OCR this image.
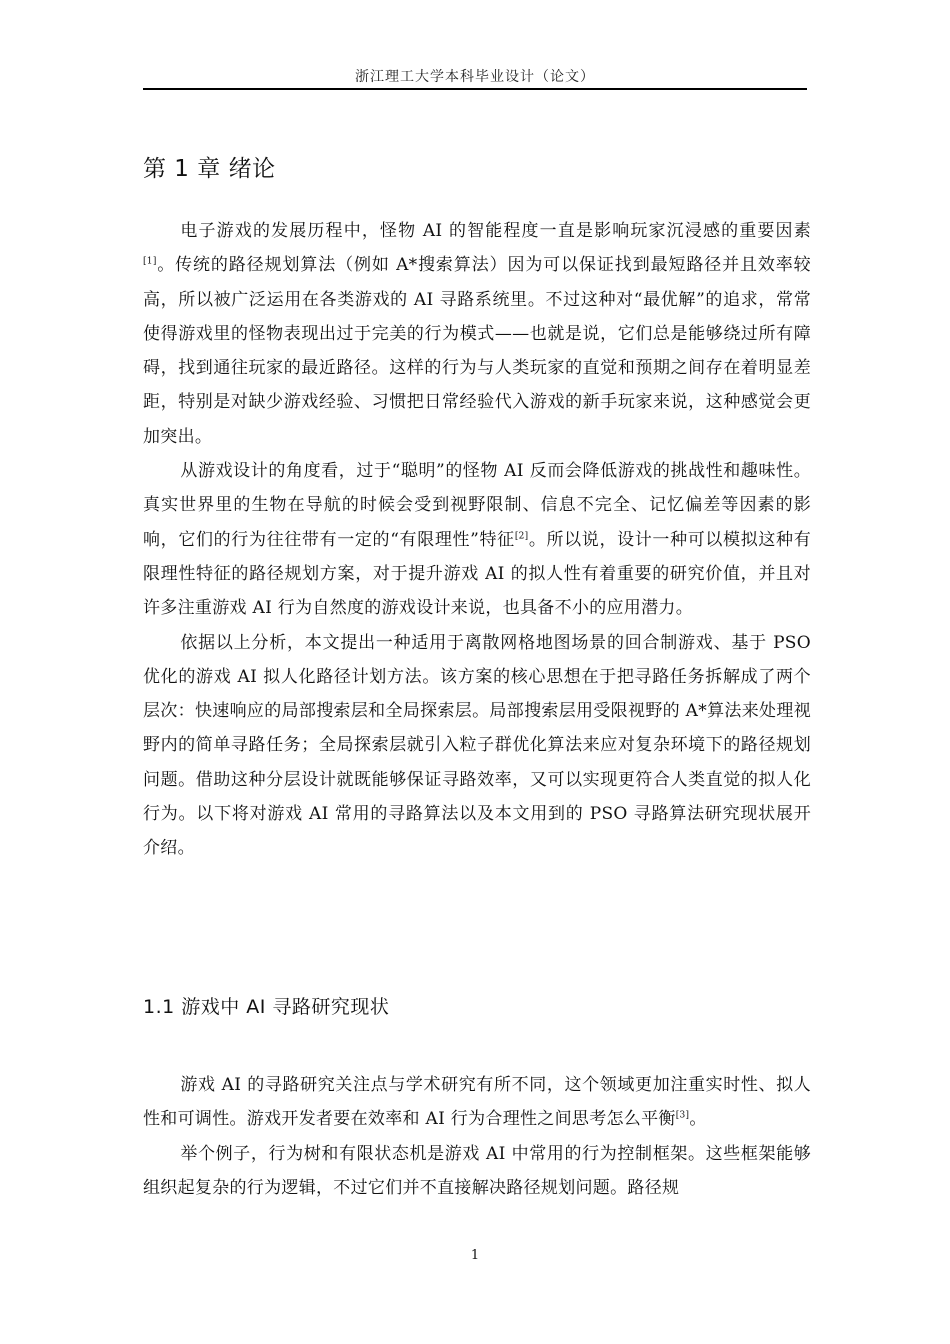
浙江理工大学本科毕业设计（论文）
第 1 章 绪论

电子游戏的发展历程中，怪物 AI 的智能程度一直是影响玩家沉浸感的重要因素[1]。传统的路径规划算法（例如 A*搜索算法）因为可以保证找到最短路径并且效率较高，所以被广泛运用在各类游戏的 AI 寻路系统里。不过这种对“最优解”的追求，常常使得游戏里的怪物表现出过于完美的行为模式——也就是说，它们总是能够绕过所有障碍，找到通往玩家的最近路径。这样的行为与人类玩家的直觉和预期之间存在着明显差距，特别是对缺少游戏经验、习惯把日常经验代入游戏的新手玩家来说，这种感觉会更加突出。

从游戏设计的角度看，过于“聪明”的怪物 AI 反而会降低游戏的挑战性和趣味性。真实世界里的生物在导航的时候会受到视野限制、信息不完全、记忆偏差等因素的影响，它们的行为往往带有一定的“有限理性”特征[2]。所以说，设计一种可以模拟这种有限理性特征的路径规划方案，对于提升游戏 AI 的拟人性有着重要的研究价值，并且对许多注重游戏 AI 行为自然度的游戏设计来说，也具备不小的应用潜力。

依据以上分析，本文提出一种适用于离散网格地图场景的回合制游戏、基于 PSO 优化的游戏 AI 拟人化路径计划方法。该方案的核心思想在于把寻路任务拆解成了两个层次：快速响应的局部搜索层和全局探索层。局部搜索层用受限视野的 A*算法来处理视野内的简单寻路任务；全局探索层就引入粒子群优化算法来应对复杂环境下的路径规划问题。借助这种分层设计就既能够保证寻路效率，又可以实现更符合人类直觉的拟人化行为。以下将对游戏 AI 常用的寻路算法以及本文用到的 PSO 寻路算法研究现状展开介绍。

1.1 游戏中 AI 寻路研究现状

游戏 AI 的寻路研究关注点与学术研究有所不同，这个领域更加注重实时性、拟人性和可调性。游戏开发者要在效率和 AI 行为合理性之间思考怎么平衡[3]。

举个例子，行为树和有限状态机是游戏 AI 中常用的行为控制框架。这些框架能够组织起复杂的行为逻辑，不过它们并不直接解决路径规划问题。路径规

1
